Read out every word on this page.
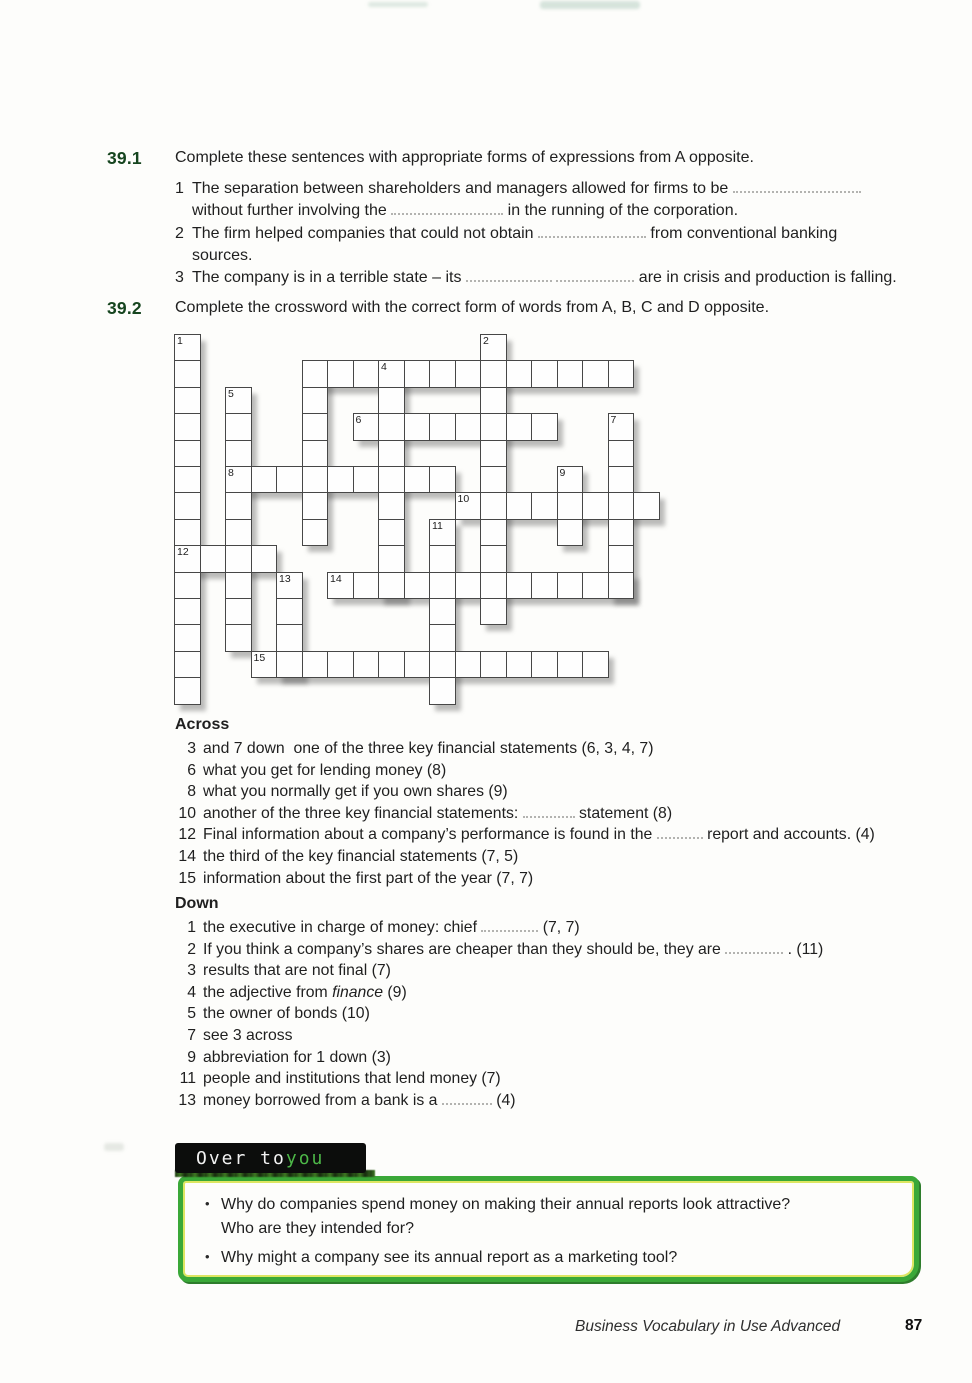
39.1	Complete these sentences with appropriate forms of expressions from A opposite.
1 The separation between shareholders and managers allowed for firms to be
without further involving the	in the running of the corporation.
2 The firm helped companies that could not obtain	from conventional banking
sources.
3 The company is in a terrible state – its	are in crisis and production is falling.
39.2	Complete the crossword with the correct form of words from A, B, C and D opposite.
1	2
4
5
6	7
8	9
10
11
12
13	14
15
Across
3 and 7 down  one of the three key financial statements (6, 3, 4, 7)
6 what you get for lending money (8)
8 what you normally get if you own shares (9)
10 another of the three key financial statements:	statement (8)
12 Final information about a company’s performance is found in the	report and accounts. (4)
14 the third of the key financial statements (7, 5)
15 information about the first part of the year (7, 7)
Down
1 the executive in charge of money: chief	(7, 7)
2 If you think a company’s shares are cheaper than they should be, they are	. (11)
3 results that are not final (7)
4 the adjective from finance (9)
5 the owner of bonds (10)
7 see 3 across
9 abbreviation for 1 down (3)
11 people and institutions that lend money (7)
13 money borrowed from a bank is a	(4)
Over to you
• Why do companies spend money on making their annual reports look attractive?
Who are they intended for?
• Why might a company see its annual report as a marketing tool?
Business Vocabulary in Use Advanced	87
